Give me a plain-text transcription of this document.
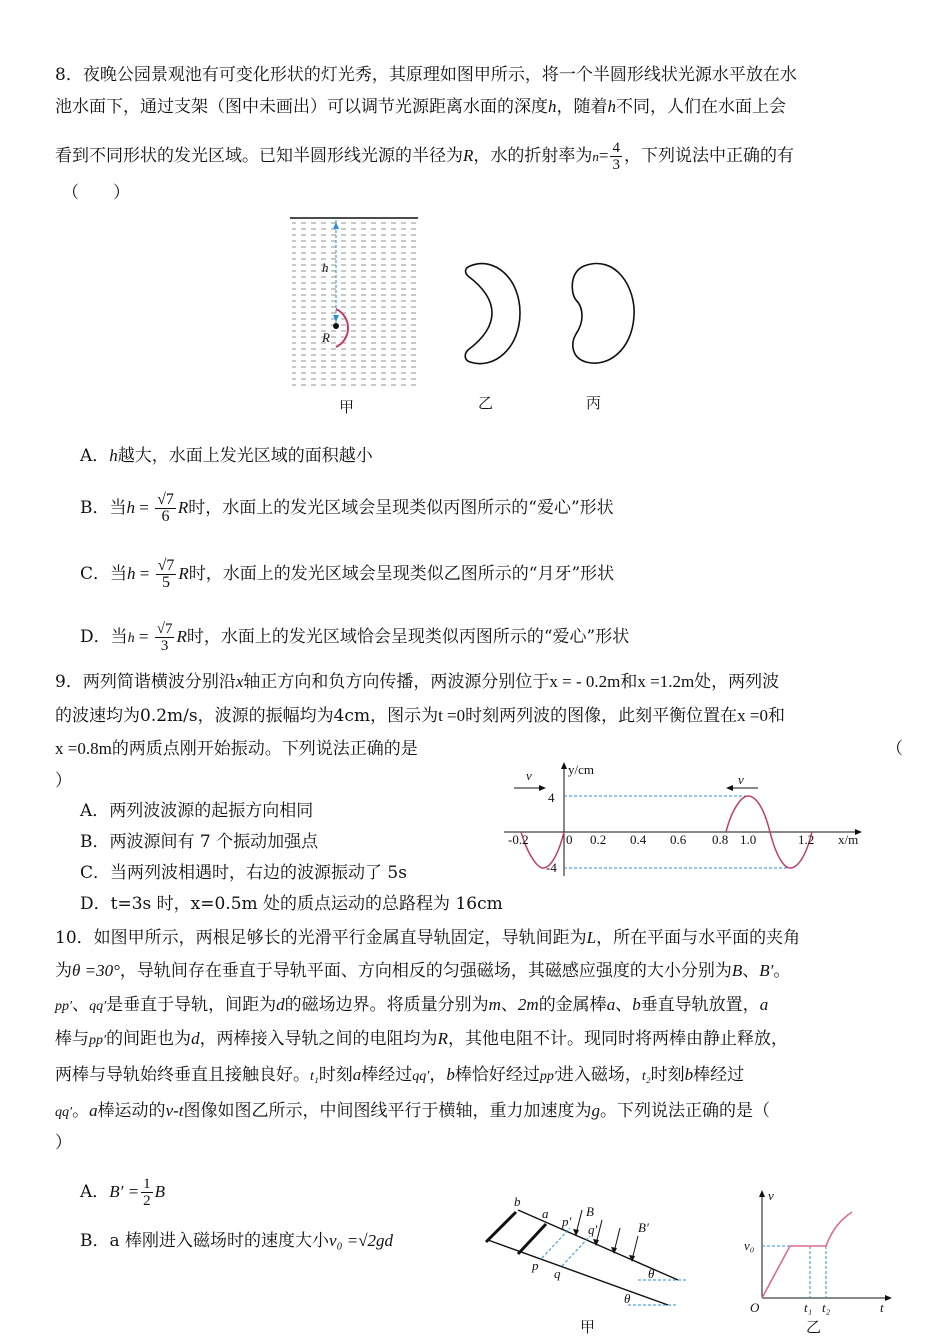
8．夜晚公园景观池有可变化形状的灯光秀，其原理如图甲所示，将一个半圆形线状光源水平放在水
池水面下，通过支架（图中未画出）可以调节光源距离水面的深度h，随着h不同，人们在水面上会
看到不同形状的发光区域。已知半圆形线光源的半径为R，水的折射率为$n= \frac{4}{3}$ ，下列说法中正确的有
（　　）
h
R
甲	乙	丙
A．h越大，水面上发光区域的面积越小
B．当$h = \frac{√7}{6}$ R时，水面上的发光区域会呈现类似丙图所示的“爱心”形状
C．当$h = \frac{√7}{5}$ R时，水面上的发光区域会呈现类似乙图所示的“月牙”形状
D．当$h = \frac{√7}{3}$ R时，水面上的发光区域恰会呈现类似丙图所示的“爱心”形状
9．两列简谐横波分别沿x轴正方向和负方向传播，两波源分别位于x = - 0.2m和x =1.2m处，两列波
的波速均为0.2m/s，波源的振幅均为4cm，图示为t =0时刻两列波的图像，此刻平衡位置在x =0和
x =0.8m的两质点刚开始振动。下列说法正确的是	（
）
A．两列波波源的起振方向相同
B．两波源间有 7 个振动加强点
C．当两列波相遇时，右边的波源振动了 5s
D．t=3s 时，x=0.5m 处的质点运动的总路程为 16cm
v	v
y/cm
x/m
4
-4
-0.2	0 0.2 0.4 0.6 0.8 1.0	1.2
10．如图甲所示，两根足够长的光滑平行金属直导轨固定，导轨间距为L，所在平面与水平面的夹角
为θ =30°，导轨间存在垂直于导轨平面、方向相反的匀强磁场，其磁感应强度的大小分别为B、B′。
pp′、qq′是垂直于导轨，间距为d的磁场边界。将质量分别为m、2m的金属棒a、b垂直导轨放置，a
棒与pp′的间距也为d，两棒接入导轨之间的电阻均为R，其他电阻不计。现同时将两棒由静止释放，
两棒与导轨始终垂直且接触良好。t₁时刻a棒经过qq′，b棒恰好经过pp′进入磁场，t₂时刻b棒经过
qq′。a棒运动的v-t图像如图乙所示，中间图线平行于横轴，重力加速度为g。下列说法正确的是（
）
A．$B' = \frac{1}{2}$ B
B．a 棒刚进入磁场时的速度大小v₀ =√2gd
b
a
p′
B
q′	B′
p
q	θ
θ
甲
v
v₀
O	t₁ t₂	t
乙
